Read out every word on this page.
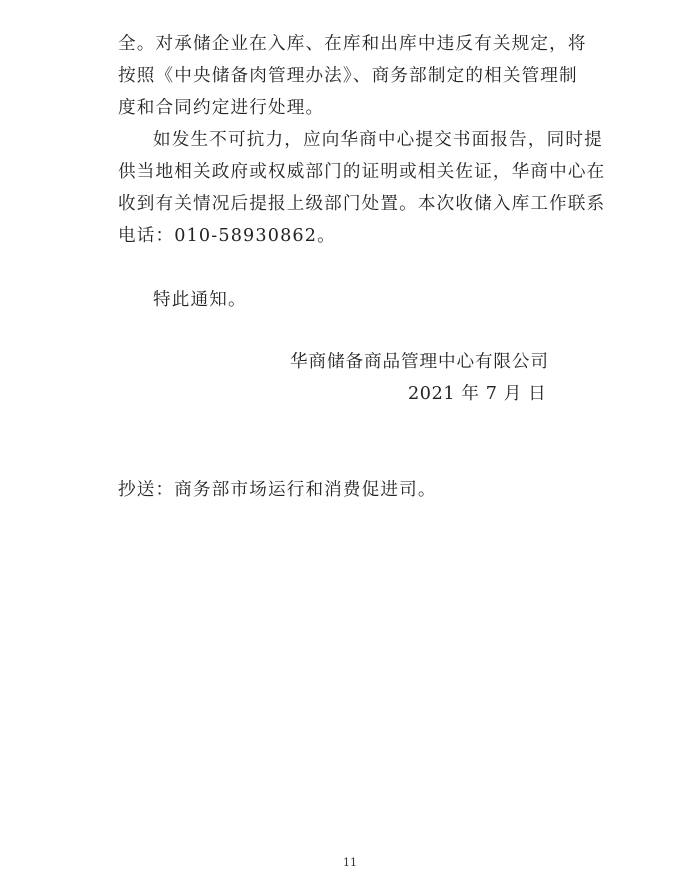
全。对承储企业在入库、在库和出库中违反有关规定，将
按照《中央储备肉管理办法》、商务部制定的相关管理制
度和合同约定进行处理。
如发生不可抗力，应向华商中心提交书面报告，同时提
供当地相关政府或权威部门的证明或相关佐证，华商中心在
收到有关情况后提报上级部门处置。本次收储入库工作联系
电话：010-58930862。
特此通知。
华商储备商品管理中心有限公司
2021 年 7 月 日
抄送：商务部市场运行和消费促进司。
11
